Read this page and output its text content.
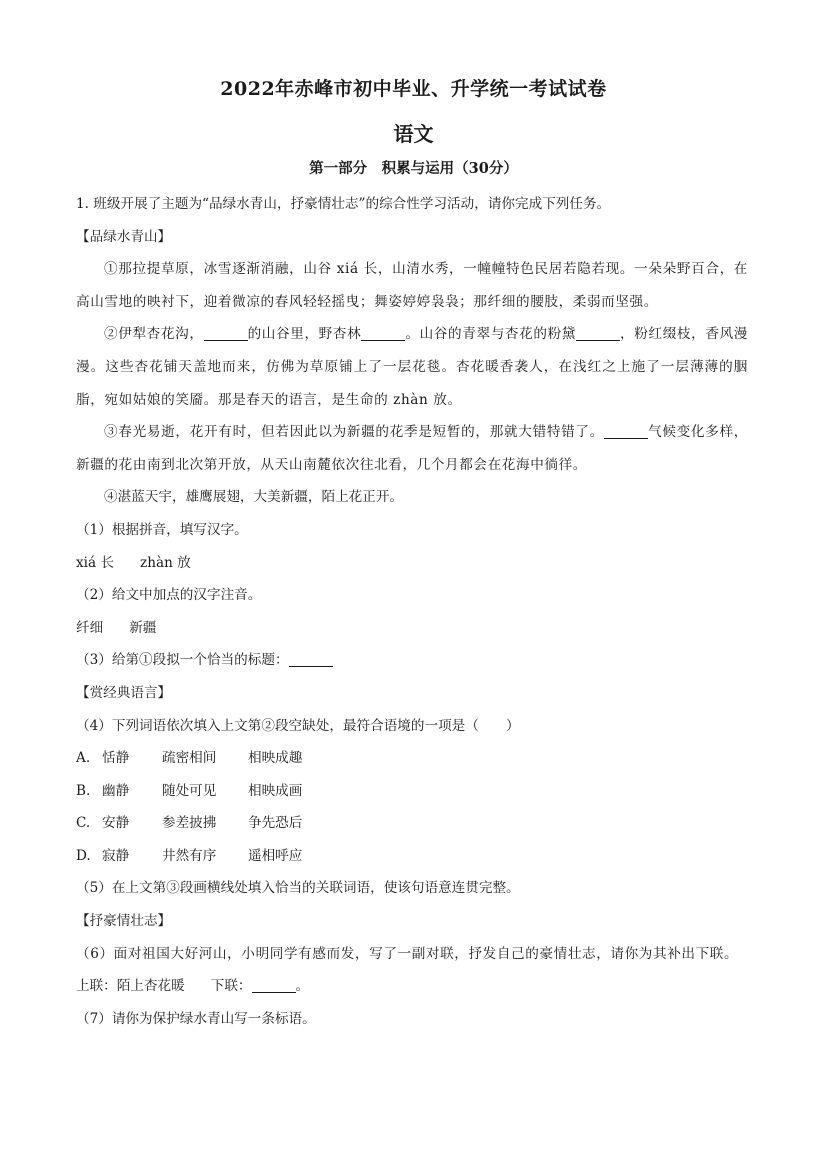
2022年赤峰市初中毕业、升学统一考试试卷
语文
第一部分　积累与运用（30分）

1. 班级开展了主题为“品绿水青山，抒豪情壮志”的综合性学习活动，请你完成下列任务。

【品绿水青山】

①那拉提草原，冰雪逐渐消融，山谷 xiá 长，山清水秀，一幢幢特色民居若隐若现。一朵朵野百合，在高山雪地的映衬下，迎着微凉的春风轻轻摇曳；舞姿婷婷袅袅；那纤细的腰肢，柔弱而坚强。

②伊犁杏花沟，	的山谷里，野杏林	。山谷的青翠与杏花的粉黛	，粉红缀枝，香风漫漫。这些杏花铺天盖地而来，仿佛为草原铺上了一层花毯。杏花暖香袭人，在浅红之上施了一层薄薄的胭脂，宛如姑娘的笑靥。那是春天的语言，是生命的 zhàn 放。

③春光易逝，花开有时，但若因此以为新疆的花季是短暂的，那就大错特错了。	气候变化多样，新疆的花由南到北次第开放，从天山南麓依次往北看，几个月都会在花海中徜徉。

④湛蓝天宇，雄鹰展翅，大美新疆，陌上花正开。

（1）根据拼音，填写汉字。

xiá 长 zhàn 放

（2）给文中加点的汉字注音。

纤细 新疆

（3）给第①段拟一个恰当的标题：

【赏经典语言】

（4）下列词语依次填入上文第②段空缺处，最符合语境的一项是（　　）

A. 恬静 疏密相间 相映成趣

B. 幽静 随处可见 相映成画

C. 安静 参差披拂 争先恐后

D. 寂静 井然有序 遥相呼应

（5）在上文第③段画横线处填入恰当的关联词语，使该句语意连贯完整。

【抒豪情壮志】

（6）面对祖国大好河山，小明同学有感而发，写了一副对联，抒发自己的豪情壮志，请你为其补出下联。

上联：陌上杏花暖 下联：	。

（7）请你为保护绿水青山写一条标语。
